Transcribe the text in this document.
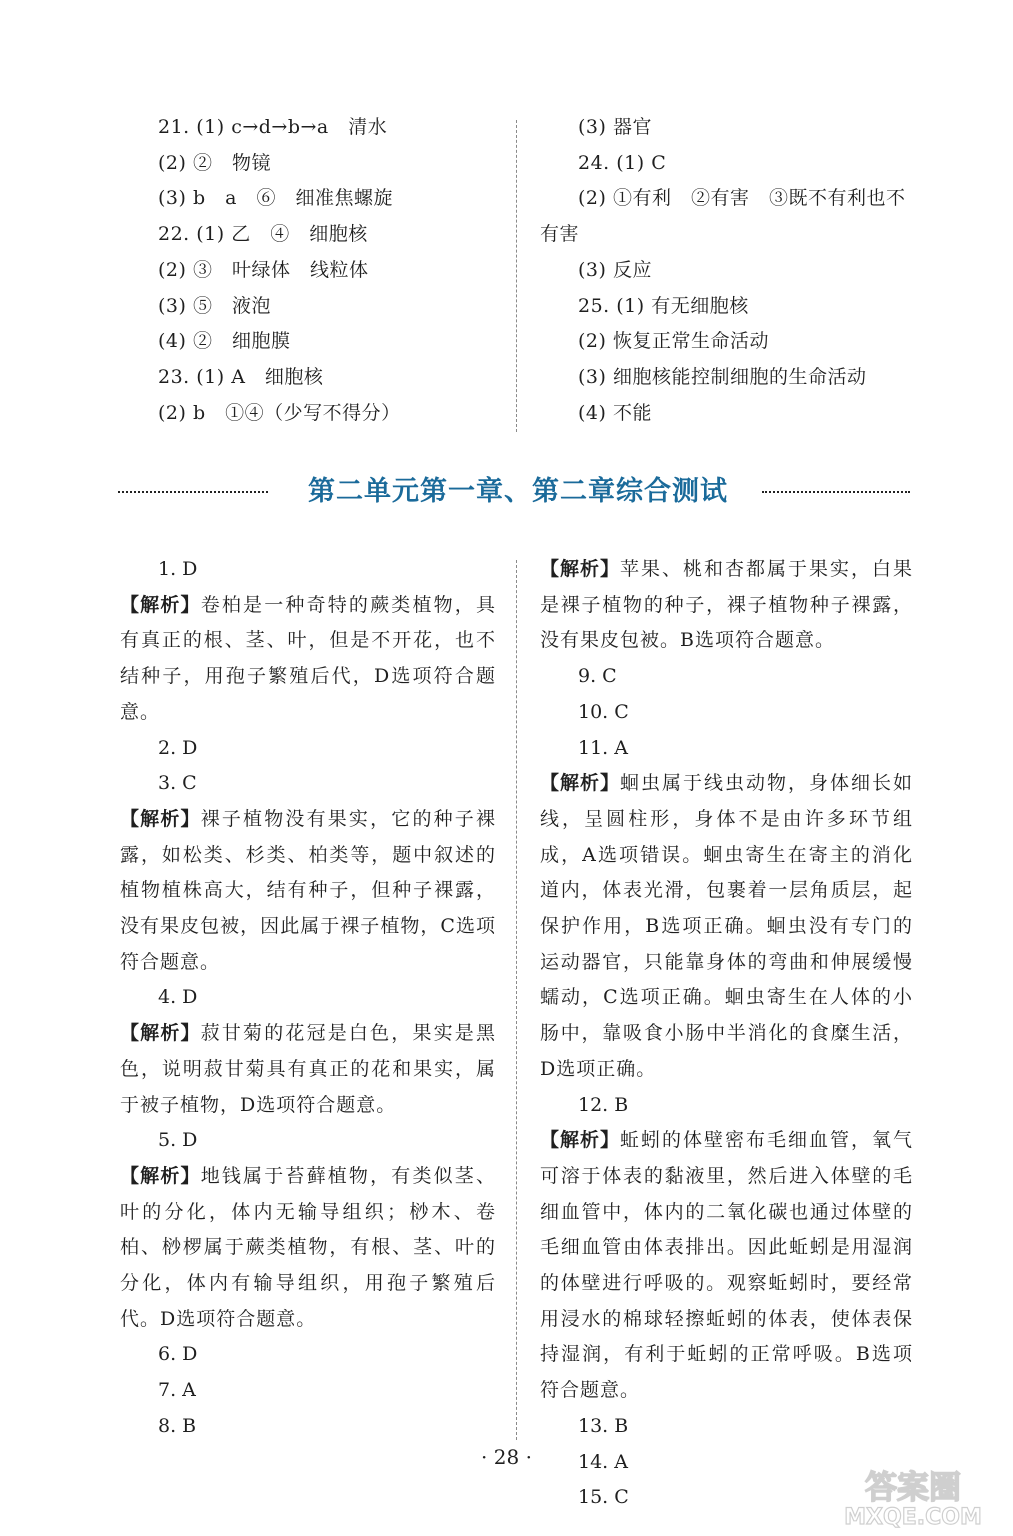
21. (1) c→d→b→a　清水
(2) ②　物镜
(3) b　a　⑥　细准焦螺旋
22. (1) 乙　④　细胞核
(2) ③　叶绿体　线粒体
(3) ⑤　液泡
(4) ②　细胞膜
23. (1) A　细胞核
(2) b　①④（少写不得分）
(3) 器官
24. (1) C
(2) ①有利　②有害　③既不有利也不
有害
(3) 反应
25. (1) 有无细胞核
(2) 恢复正常生命活动
(3) 细胞核能控制细胞的生命活动
(4) 不能
第二单元第一章、第二章综合测试
1. D
【解析】卷柏是一种奇特的蕨类植物，具有真正的根、茎、叶，但是不开花，也不结种子，用孢子繁殖后代，D选项符合题意。
2. D
3. C
【解析】裸子植物没有果实，它的种子裸露，如松类、杉类、柏类等，题中叙述的植物植株高大，结有种子，但种子裸露，没有果皮包被，因此属于裸子植物，C选项符合题意。
4. D
【解析】菽甘菊的花冠是白色，果实是黑色，说明菽甘菊具有真正的花和果实，属于被子植物，D选项符合题意。
5. D
【解析】地钱属于苔藓植物，有类似茎、叶的分化，体内无输导组织；桫木、卷柏、桫椤属于蕨类植物，有根、茎、叶的分化，体内有输导组织，用孢子繁殖后代。D选项符合题意。
6. D
7. A
8. B
【解析】苹果、桃和杏都属于果实，白果是裸子植物的种子，裸子植物种子裸露，没有果皮包被。B选项符合题意。
9. C
10. C
11. A
【解析】蛔虫属于线虫动物，身体细长如线，呈圆柱形，身体不是由许多环节组成，A选项错误。蛔虫寄生在寄主的消化道内，体表光滑，包裹着一层角质层，起保护作用，B选项正确。蛔虫没有专门的运动器官，只能靠身体的弯曲和伸展缓慢蠕动，C选项正确。蛔虫寄生在人体的小肠中，靠吸食小肠中半消化的食糜生活，D选项正确。
12. B
【解析】蚯蚓的体壁密布毛细血管，氧气可溶于体表的黏液里，然后进入体壁的毛细血管中，体内的二氧化碳也通过体壁的毛细血管由体表排出。因此蚯蚓是用湿润的体壁进行呼吸的。观察蚯蚓时，要经常用浸水的棉球轻擦蚯蚓的体表，使体表保持湿润，有利于蚯蚓的正常呼吸。B选项符合题意。
13. B
14. A
15. C
· 28 ·
答案圈
MXQE.COM
